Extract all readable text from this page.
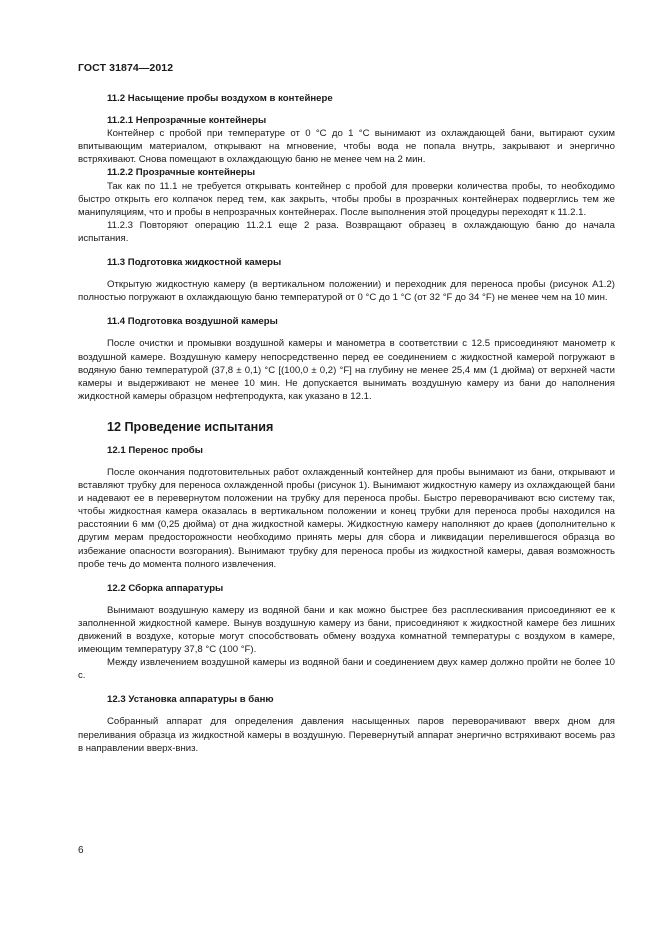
ГОСТ 31874—2012
11.2 Насыщение пробы воздухом в контейнере
11.2.1 Непрозрачные контейнеры

Контейнер с пробой при температуре от 0 °C до 1 °C вынимают из охлаждающей бани, вытирают сухим впитывающим материалом, открывают на мгновение, чтобы вода не попала внутрь, закрывают и энергично встряхивают. Снова помещают в охлаждающую баню не менее чем на 2 мин.

11.2.2 Прозрачные контейнеры

Так как по 11.1 не требуется открывать контейнер с пробой для проверки количества пробы, то необходимо быстро открыть его колпачок перед тем, как закрыть, чтобы пробы в прозрачных контейнерах подверглись тем же манипуляциям, что и пробы в непрозрачных контейнерах. После выполнения этой процедуры переходят к 11.2.1.

11.2.3 Повторяют операцию 11.2.1 еще 2 раза. Возвращают образец в охлаждающую баню до начала испытания.

11.3 Подготовка жидкостной камеры

Открытую жидкостную камеру (в вертикальном положении) и переходник для переноса пробы (рисунок А1.2) полностью погружают в охлаждающую баню температурой от 0 °C до 1 °C (от 32 °F до 34 °F) не менее чем на 10 мин.

11.4 Подготовка воздушной камеры

После очистки и промывки воздушной камеры и манометра в соответствии с 12.5 присоединяют манометр к воздушной камере. Воздушную камеру непосредственно перед ее соединением с жидкостной камерой погружают в водяную баню температурой (37,8 ± 0,1) °C [(100,0 ± 0,2) °F] на глубину не менее 25,4 мм (1 дюйма) от верхней части камеры и выдерживают не менее 10 мин. Не допускается вынимать воздушную камеру из бани до наполнения жидкостной камеры образцом нефтепродукта, как указано в 12.1.

12 Проведение испытания
12.1 Перенос пробы

После окончания подготовительных работ охлажденный контейнер для пробы вынимают из бани, открывают и вставляют трубку для переноса охлажденной пробы (рисунок 1). Вынимают жидкостную камеру из охлаждающей бани и надевают ее в перевернутом положении на трубку для переноса пробы. Быстро переворачивают всю систему так, чтобы жидкостная камера оказалась в вертикальном положении и конец трубки для переноса пробы находился на расстоянии 6 мм (0,25 дюйма) от дна жидкостной камеры. Жидкостную камеру наполняют до краев (дополнительно к другим мерам предосторожности необходимо принять меры для сбора и ликвидации перелившегося образца во избежание опасности возгорания). Вынимают трубку для переноса пробы из жидкостной камеры, давая возможность пробе течь до момента полного извлечения.

12.2 Сборка аппаратуры

Вынимают воздушную камеру из водяной бани и как можно быстрее без расплескивания присоединяют ее к заполненной жидкостной камере. Вынув воздушную камеру из бани, присоединяют к жидкостной камере без лишних движений в воздухе, которые могут способствовать обмену воздуха комнатной температуры с воздухом в камере, имеющим температуру 37,8 °C (100 °F).

Между извлечением воздушной камеры из водяной бани и соединением двух камер должно пройти не более 10 с.

12.3 Установка аппаратуры в баню

Собранный аппарат для определения давления насыщенных паров переворачивают вверх дном для переливания образца из жидкостной камеры в воздушную. Перевернутый аппарат энергично встряхивают восемь раз в направлении вверх-вниз.

6
